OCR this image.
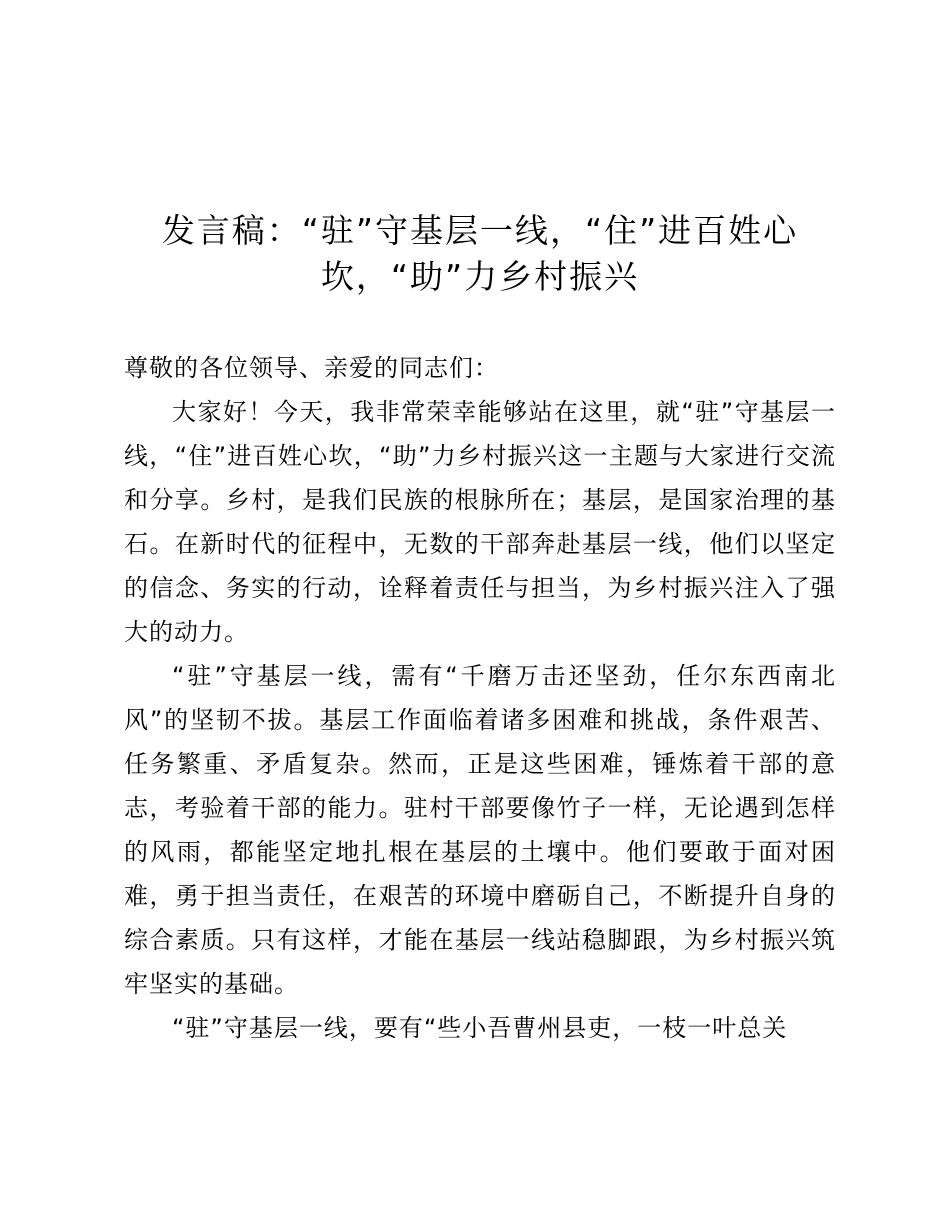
发言稿：“驻”守基层一线，“住”进百姓心
坎，“助”力乡村振兴

尊敬的各位领导、亲爱的同志们：

大家好！今天，我非常荣幸能够站在这里，就“驻”守基层一线，“住”进百姓心坎，“助”力乡村振兴这一主题与大家进行交流和分享。乡村，是我们民族的根脉所在；基层，是国家治理的基石。在新时代的征程中，无数的干部奔赴基层一线，他们以坚定的信念、务实的行动，诠释着责任与担当，为乡村振兴注入了强大的动力。

“驻”守基层一线，需有“千磨万击还坚劲，任尔东西南北风”的坚韧不拔。基层工作面临着诸多困难和挑战，条件艰苦、任务繁重、矛盾复杂。然而，正是这些困难，锤炼着干部的意志，考验着干部的能力。驻村干部要像竹子一样，无论遇到怎样的风雨，都能坚定地扎根在基层的土壤中。他们要敢于面对困难，勇于担当责任，在艰苦的环境中磨砺自己，不断提升自身的综合素质。只有这样，才能在基层一线站稳脚跟，为乡村振兴筑牢坚实的基础。

“驻”守基层一线，要有“些小吾曹州县吏，一枝一叶总关
